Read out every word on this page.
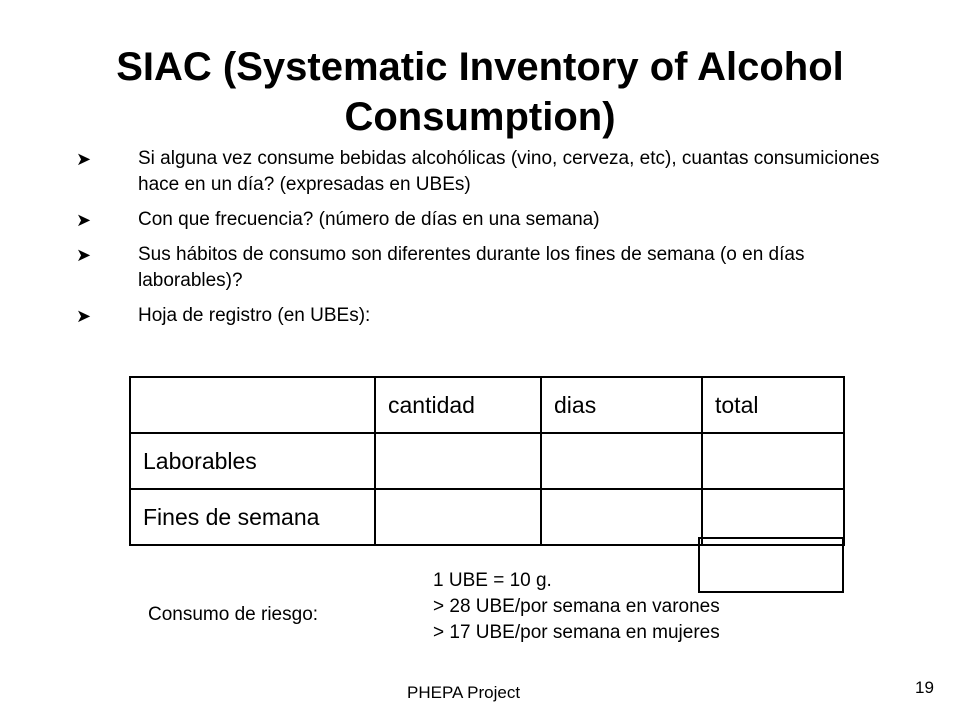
SIAC (Systematic Inventory of Alcohol Consumption)
➤ Si alguna vez consume bebidas alcohólicas (vino, cerveza, etc), cuantas consumiciones hace en un día? (expresadas en UBEs)
➤ Con que frecuencia? (número de días en una semana)
➤ Sus hábitos de consumo son diferentes durante los fines de semana (o en días laborables)?
➤ Hoja de registro (en UBEs):
	cantidad	dias	total
Laborables			
Fines de semana			
Consumo de riesgo:
1 UBE = 10 g.
> 28 UBE/por semana en varones
> 17 UBE/por semana en mujeres
PHEPA Project	19
